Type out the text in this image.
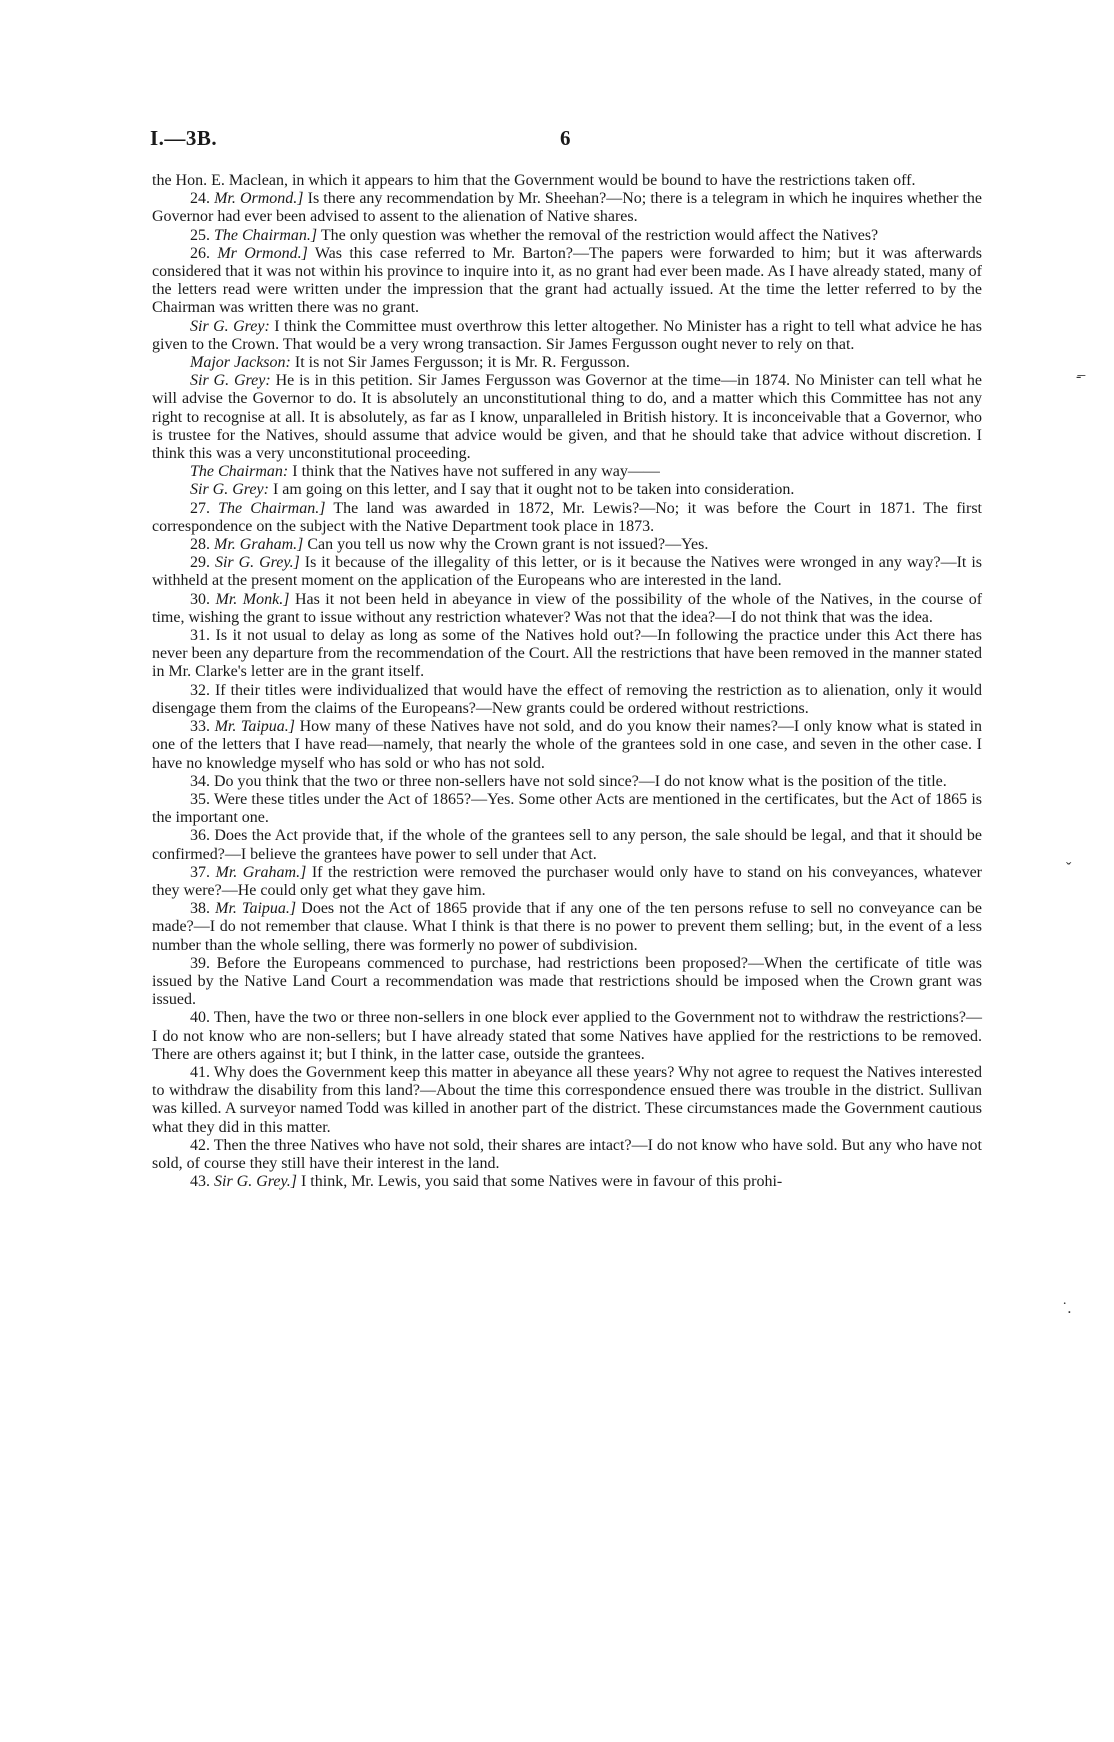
I.—3B.	6

the Hon. E. Maclean, in which it appears to him that the Government would be bound to have the restrictions taken off.

24. Mr. Ormond.] Is there any recommendation by Mr. Sheehan?—No; there is a telegram in which he inquires whether the Governor had ever been advised to assent to the alienation of Native shares.

25. The Chairman.] The only question was whether the removal of the restriction would affect the Natives?

26. Mr Ormond.] Was this case referred to Mr. Barton?—The papers were forwarded to him; but it was afterwards considered that it was not within his province to inquire into it, as no grant had ever been made. As I have already stated, many of the letters read were written under the impression that the grant had actually issued. At the time the letter referred to by the Chairman was written there was no grant.

Sir G. Grey: I think the Committee must overthrow this letter altogether. No Minister has a right to tell what advice he has given to the Crown. That would be a very wrong transaction. Sir James Fergusson ought never to rely on that.

Major Jackson: It is not Sir James Fergusson; it is Mr. R. Fergusson.

Sir G. Grey: He is in this petition. Sir James Fergusson was Governor at the time—in 1874. No Minister can tell what he will advise the Governor to do. It is absolutely an unconstitutional thing to do, and a matter which this Committee has not any right to recognise at all. It is absolutely, as far as I know, unparalleled in British history. It is inconceivable that a Governor, who is trustee for the Natives, should assume that advice would be given, and that he should take that advice without discretion. I think this was a very unconstitutional proceeding.

The Chairman: I think that the Natives have not suffered in any way——

Sir G. Grey: I am going on this letter, and I say that it ought not to be taken into consideration.

27. The Chairman.] The land was awarded in 1872, Mr. Lewis?—No; it was before the Court in 1871. The first correspondence on the subject with the Native Department took place in 1873.

28. Mr. Graham.] Can you tell us now why the Crown grant is not issued?—Yes.

29. Sir G. Grey.] Is it because of the illegality of this letter, or is it because the Natives were wronged in any way?—It is withheld at the present moment on the application of the Europeans who are interested in the land.

30. Mr. Monk.] Has it not been held in abeyance in view of the possibility of the whole of the Natives, in the course of time, wishing the grant to issue without any restriction whatever? Was not that the idea?—I do not think that was the idea.

31. Is it not usual to delay as long as some of the Natives hold out?—In following the practice under this Act there has never been any departure from the recommendation of the Court. All the restrictions that have been removed in the manner stated in Mr. Clarke's letter are in the grant itself.

32. If their titles were individualized that would have the effect of removing the restriction as to alienation, only it would disengage them from the claims of the Europeans?—New grants could be ordered without restrictions.

33. Mr. Taipua.] How many of these Natives have not sold, and do you know their names?—I only know what is stated in one of the letters that I have read—namely, that nearly the whole of the grantees sold in one case, and seven in the other case. I have no knowledge myself who has sold or who has not sold.

34. Do you think that the two or three non-sellers have not sold since?—I do not know what is the position of the title.

35. Were these titles under the Act of 1865?—Yes. Some other Acts are mentioned in the certificates, but the Act of 1865 is the important one.

36. Does the Act provide that, if the whole of the grantees sell to any person, the sale should be legal, and that it should be confirmed?—I believe the grantees have power to sell under that Act.

37. Mr. Graham.] If the restriction were removed the purchaser would only have to stand on his conveyances, whatever they were?—He could only get what they gave him.

38. Mr. Taipua.] Does not the Act of 1865 provide that if any one of the ten persons refuse to sell no conveyance can be made?—I do not remember that clause. What I think is that there is no power to prevent them selling; but, in the event of a less number than the whole selling, there was formerly no power of subdivision.

39. Before the Europeans commenced to purchase, had restrictions been proposed?—When the certificate of title was issued by the Native Land Court a recommendation was made that restrictions should be imposed when the Crown grant was issued.

40. Then, have the two or three non-sellers in one block ever applied to the Government not to withdraw the restrictions?—I do not know who are non-sellers; but I have already stated that some Natives have applied for the restrictions to be removed. There are others against it; but I think, in the latter case, outside the grantees.

41. Why does the Government keep this matter in abeyance all these years? Why not agree to request the Natives interested to withdraw the disability from this land?—About the time this correspondence ensued there was trouble in the district. Sullivan was killed. A surveyor named Todd was killed in another part of the district. These circumstances made the Government cautious what they did in this matter.

42. Then the three Natives who have not sold, their shares are intact?—I do not know who have sold. But any who have not sold, of course they still have their interest in the land.

43. Sir G. Grey.] I think, Mr. Lewis, you said that some Natives were in favour of this prohi-

-̶
ˇ
˙.
